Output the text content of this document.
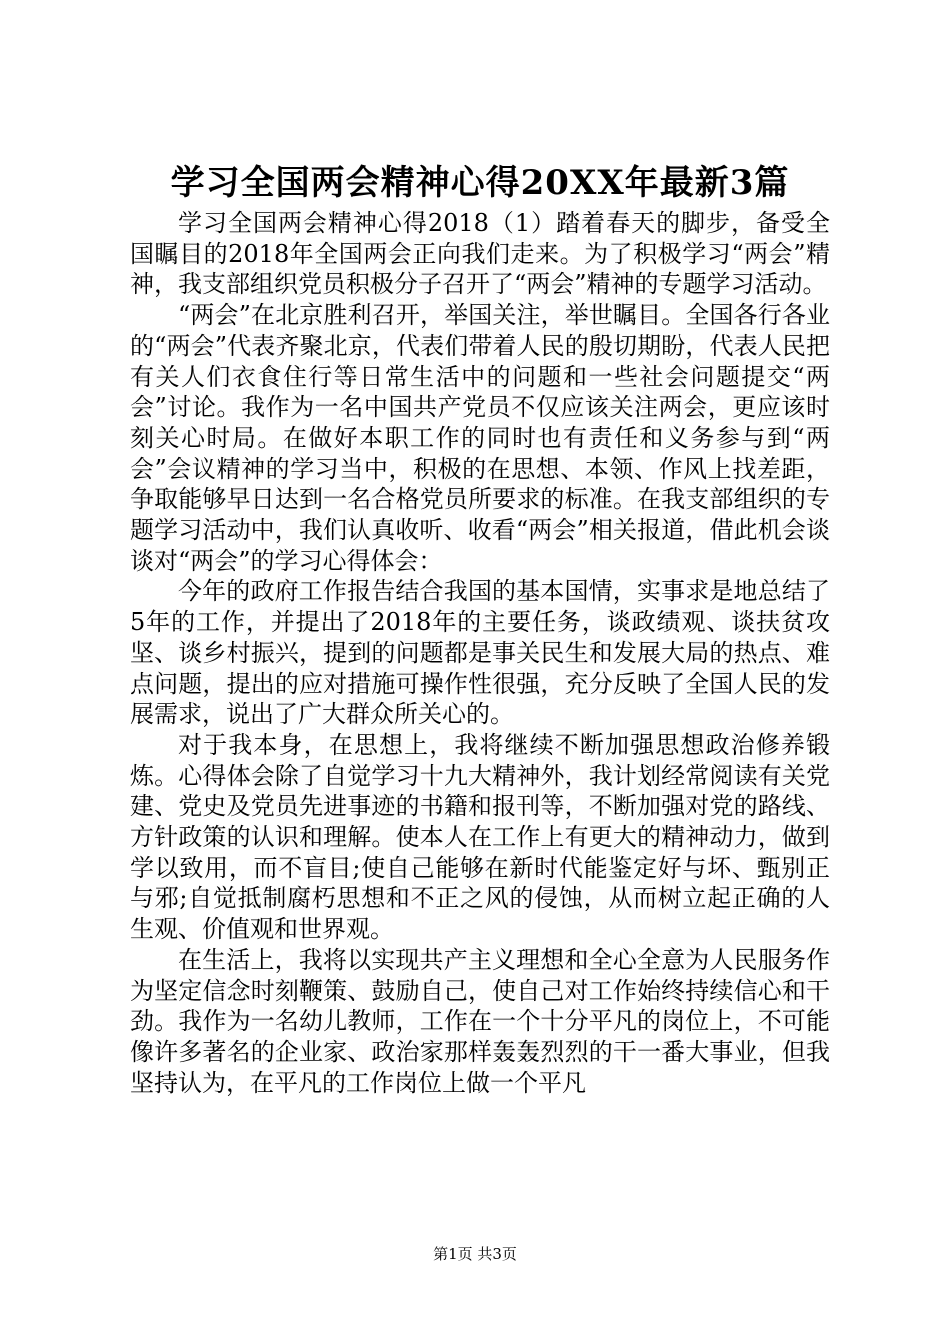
学习全国两会精神心得20XX年最新3篇

学习全国两会精神心得2018（1）踏着春天的脚步，备受全国瞩目的2018年全国两会正向我们走来。为了积极学习“两会”精神，我支部组织党员积极分子召开了“两会”精神的专题学习活动。

“两会”在北京胜利召开，举国关注，举世瞩目。全国各行各业的“两会”代表齐聚北京，代表们带着人民的殷切期盼，代表人民把有关人们衣食住行等日常生活中的问题和一些社会问题提交“两会”讨论。我作为一名中国共产党员不仅应该关注两会，更应该时刻关心时局。在做好本职工作的同时也有责任和义务参与到“两会”会议精神的学习当中，积极的在思想、本领、作风上找差距，争取能够早日达到一名合格党员所要求的标准。在我支部组织的专题学习活动中，我们认真收听、收看“两会”相关报道，借此机会谈谈对“两会”的学习心得体会：

今年的政府工作报告结合我国的基本国情，实事求是地总结了5年的工作，并提出了2018年的主要任务，谈政绩观、谈扶贫攻坚、谈乡村振兴，提到的问题都是事关民生和发展大局的热点、难点问题，提出的应对措施可操作性很强，充分反映了全国人民的发展需求，说出了广大群众所关心的。

对于我本身，在思想上，我将继续不断加强思想政治修养锻炼。心得体会除了自觉学习十九大精神外，我计划经常阅读有关党建、党史及党员先进事迹的书籍和报刊等，不断加强对党的路线、方针政策的认识和理解。使本人在工作上有更大的精神动力，做到学以致用，而不盲目;使自己能够在新时代能鉴定好与坏、甄别正与邪;自觉抵制腐朽思想和不正之风的侵蚀，从而树立起正确的人生观、价值观和世界观。

在生活上，我将以实现共产主义理想和全心全意为人民服务作为坚定信念时刻鞭策、鼓励自己，使自己对工作始终持续信心和干劲。我作为一名幼儿教师，工作在一个十分平凡的岗位上，不可能像许多著名的企业家、政治家那样轰轰烈烈的干一番大事业，但我坚持认为，在平凡的工作岗位上做一个平凡

第1页 共3页
